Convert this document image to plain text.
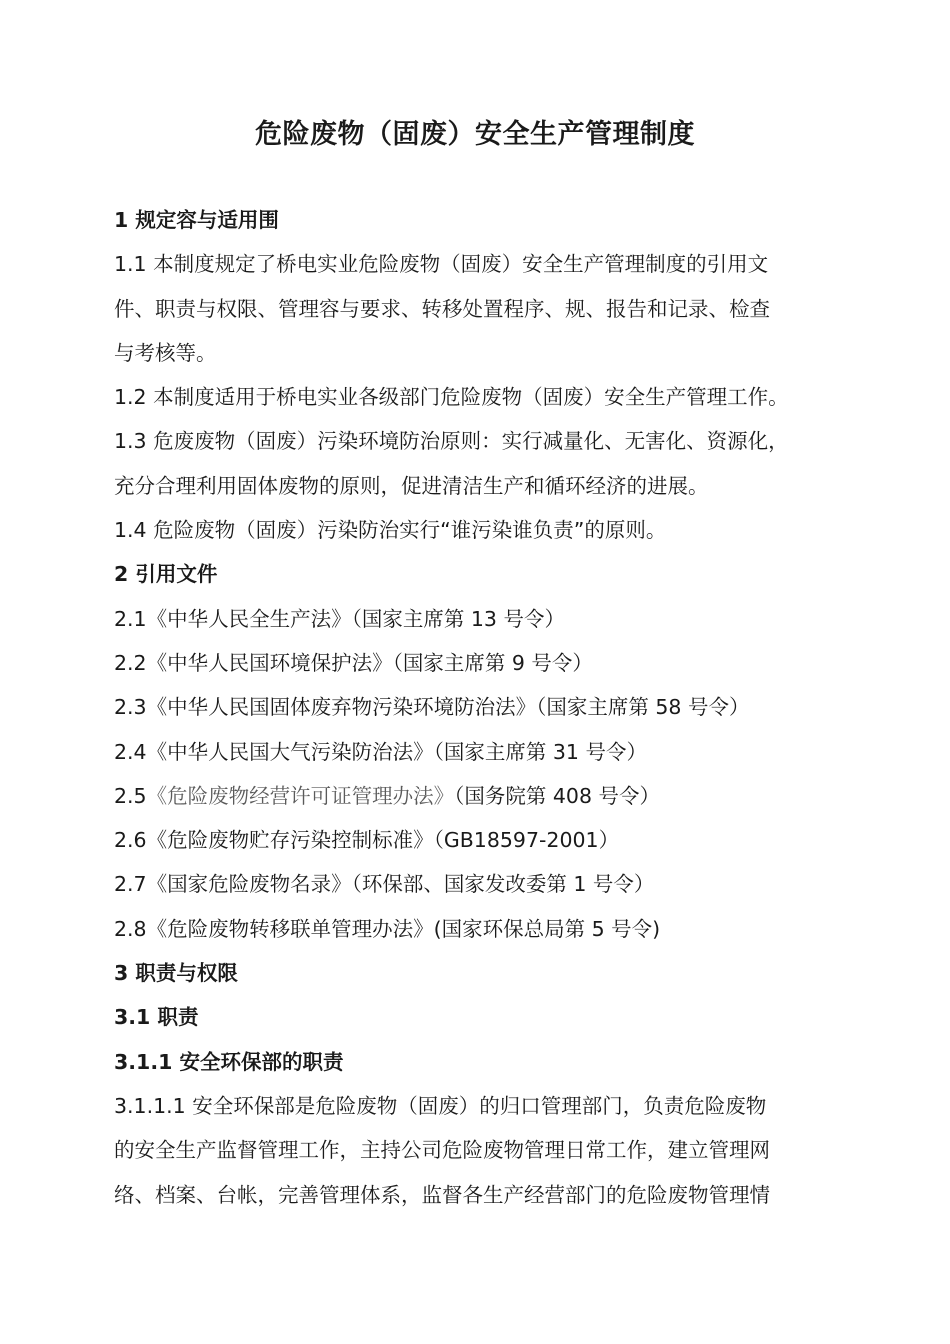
危险废物（固废）安全生产管理制度
1 规定容与适用围
1.1 本制度规定了桥电实业危险废物（固废）安全生产管理制度的引用文
件、职责与权限、管理容与要求、转移处置程序、规、报告和记录、检查
与考核等。
1.2 本制度适用于桥电实业各级部门危险废物（固废）安全生产管理工作。
1.3 危废废物（固废）污染环境防治原则：实行减量化、无害化、资源化，
充分合理利用固体废物的原则，促进清洁生产和循环经济的进展。
1.4 危险废物（固废）污染防治实行“谁污染谁负责”的原则。
2 引用文件
2.1《中华人民全生产法》（国家主席第 13 号令）
2.2《中华人民国环境保护法》（国家主席第 9 号令）
2.3《中华人民国固体废弃物污染环境防治法》（国家主席第 58 号令）
2.4《中华人民国大气污染防治法》（国家主席第 31 号令）
2.5《危险废物经营许可证管理办法》（国务院第 408 号令）
2.6《危险废物贮存污染控制标准》（GB18597-2001）
2.7《国家危险废物名录》（环保部、国家发改委第 1 号令）
2.8《危险废物转移联单管理办法》(国家环保总局第 5 号令)
3 职责与权限
3.1 职责
3.1.1 安全环保部的职责
3.1.1.1 安全环保部是危险废物（固废）的归口管理部门，负责危险废物
的安全生产监督管理工作，主持公司危险废物管理日常工作，建立管理网
络、档案、台帐，完善管理体系，监督各生产经营部门的危险废物管理情
